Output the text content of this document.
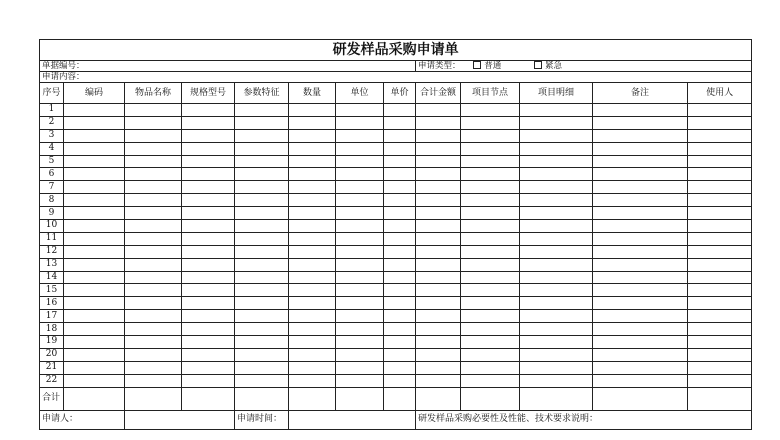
研发样品采购申请单												
单据编号：								申请类型： 普通 紧急				
申请内容：												
序号	编码	物品名称	规格型号	参数特征	数量	单位	单价	合计金额	项目节点	项目明细	备注	使用人
1												
2												
3												
4												
5												
6												
7												
8												
9												
10												
11												
12												
13												
14												
15												
16												
17												
18												
19												
20												
21												
22												
合计												
申请人：				申请时间：				研发样品采购必要性及性能、技术要求说明：				
